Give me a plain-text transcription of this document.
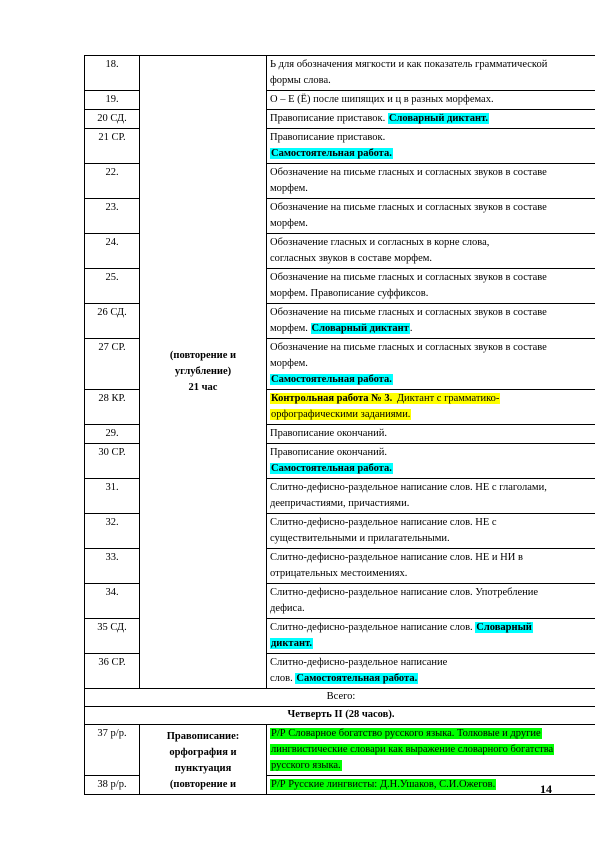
18.	(повторение и
углубление)
21 час	Ь для обозначения мягкости и как показатель грамматической
формы слова.

19.		О – Е (Ё) после шипящих и ц в разных морфемах.

20 СД.		Правописание приставок. Словарный диктант.

21 СР.		Правописание приставок.
Самостоятельная работа.

22.		Обозначение на письме гласных и согласных звуков в составе
морфем.

23.		Обозначение на письме гласных и согласных звуков в составе
морфем.

24.		Обозначение гласных и согласных в корне слова,
согласных звуков в составе морфем.

25.		Обозначение на письме гласных и согласных звуков в составе
морфем. Правописание суффиксов.

26 СД.		Обозначение на письме гласных и согласных звуков в составе
морфем. Словарный диктант.

27 СР.		Обозначение на письме гласных и согласных звуков в составе
морфем.
Самостоятельная работа.

28 КР.		Контрольная работа № 3. Диктант с грамматико-
орфографическими заданиями.

29.		Правописание окончаний.

30 СР.		Правописание окончаний.
Самостоятельная работа.

31.		Слитно-дефисно-раздельное написание слов. НЕ с глаголами,
деепричастиями, причастиями.

32.		Слитно-дефисно-раздельное написание слов. НЕ с
существительными и прилагательными.

33.		Слитно-дефисно-раздельное написание слов. НЕ и НИ в
отрицательных местоимениях.

34.		Слитно-дефисно-раздельное написание слов. Употребление
дефиса.

35 СД.		Слитно-дефисно-раздельное написание слов. Словарный
диктант.

36 СР.		Слитно-дефисно-раздельное написание
слов. Самостоятельная работа.

Всего:		
Четверть II (28 часов).		
37 р/р.	Правописание:
орфография и
пунктуация
(повторение и	Р/Р Словарное богатство русского языка. Толковые и другие
лингвистические словари как выражение словарного богатства
русского языка.

38 р/р.		Р/Р Русские лингвисты: Д.Н.Ушаков, С.И.Ожегов.	14
